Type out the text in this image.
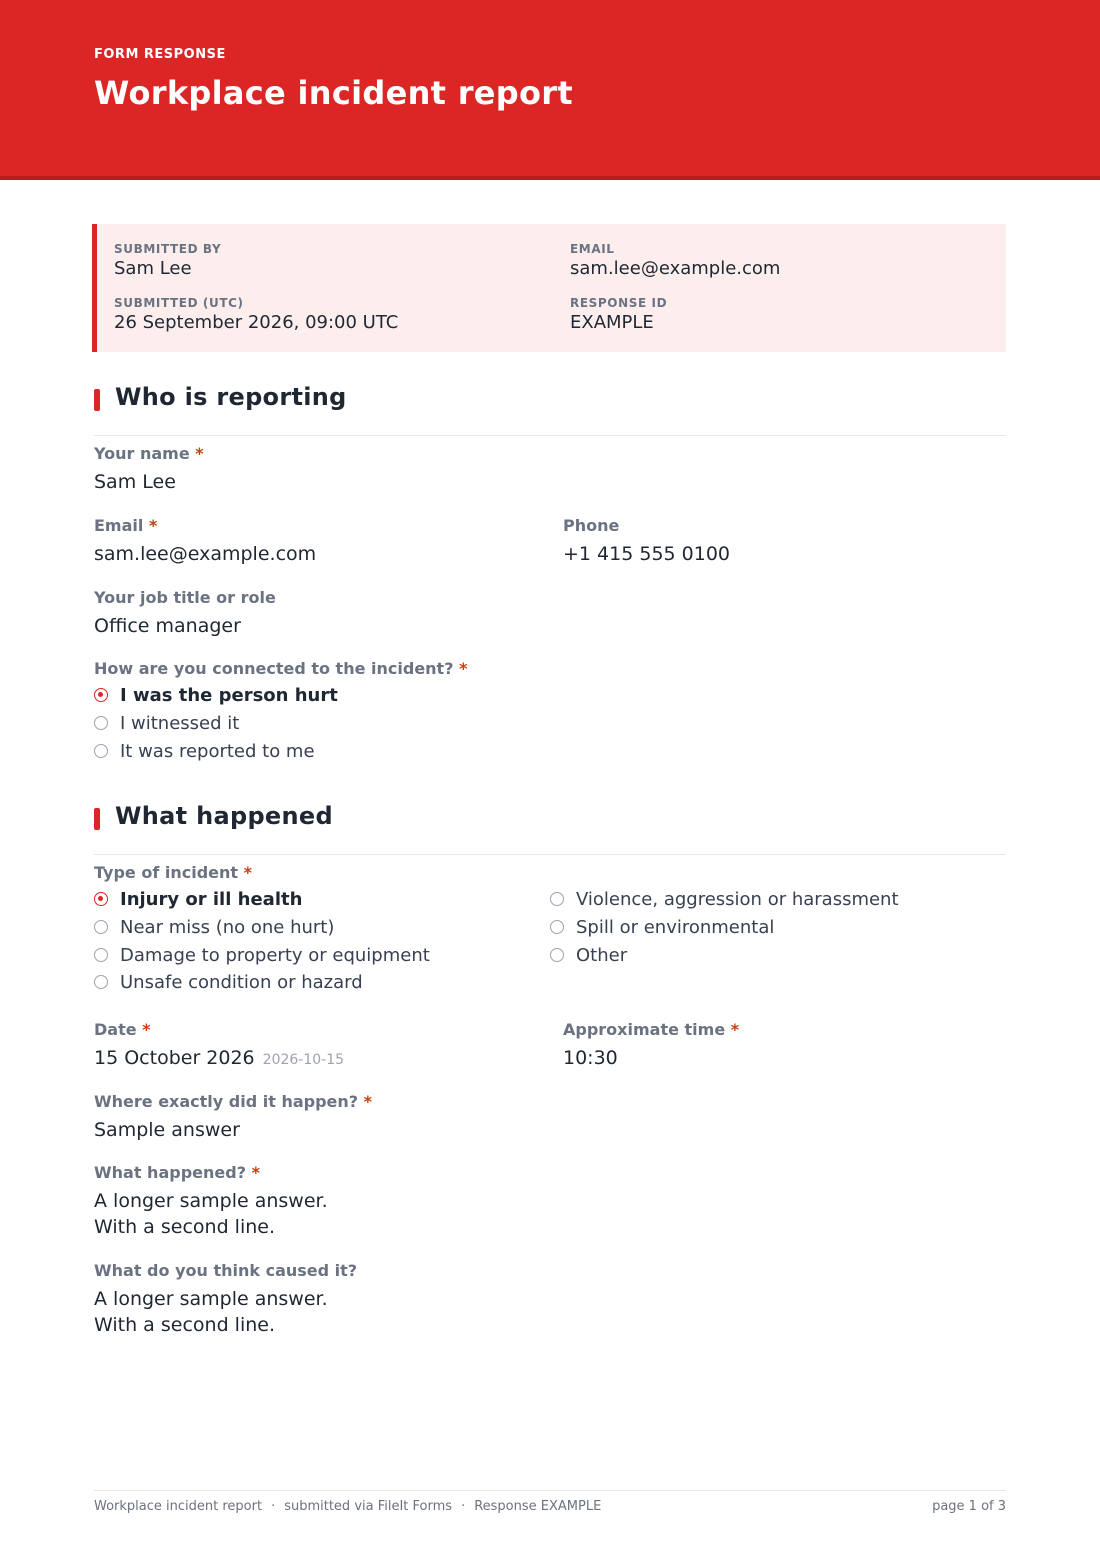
FORM RESPONSE
Workplace incident report
SUBMITTED BY
Sam Lee
EMAIL
sam.lee@example.com
SUBMITTED (UTC)
26 September 2026, 09:00 UTC
RESPONSE ID
EXAMPLE
Who is reporting
Your name *
Sam Lee
Email *
sam.lee@example.com
Phone
+1 415 555 0100
Your job title or role
Office manager
How are you connected to the incident? *
I was the person hurt
I witnessed it
It was reported to me
What happened
Type of incident *
Injury or ill health
Near miss (no one hurt)
Damage to property or equipment
Unsafe condition or hazard
Violence, aggression or harassment
Spill or environmental
Other
Date *
15 October 2026 2026-10-15
Approximate time *
10:30
Where exactly did it happen? *
Sample answer
What happened? *
A longer sample answer.
With a second line.
What do you think caused it?
A longer sample answer.
With a second line.
Workplace incident report · submitted via FileIt Forms · Response EXAMPLE	page 1 of 3
